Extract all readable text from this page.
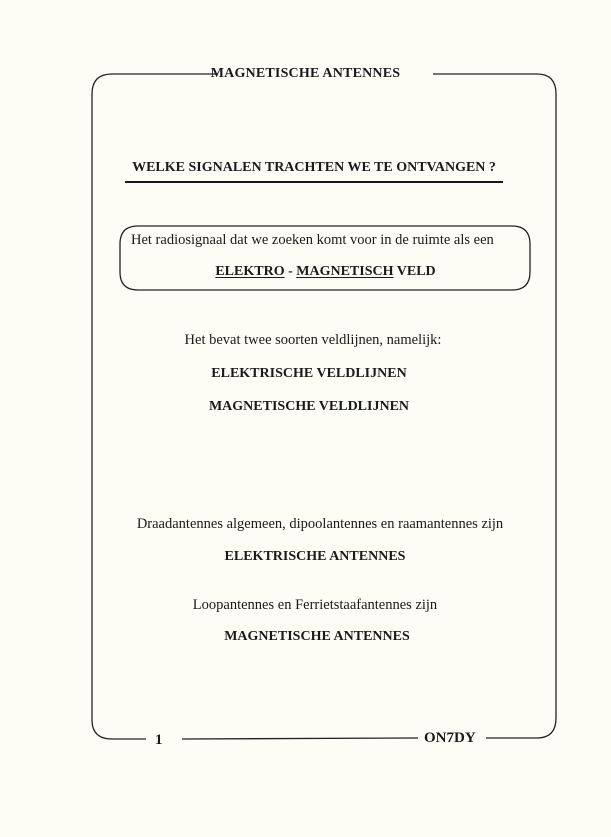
MAGNETISCHE ANTENNES
WELKE SIGNALEN TRACHTEN WE TE ONTVANGEN ?
Het radiosignaal dat we zoeken komt voor in de ruimte als een
ELEKTRO - MAGNETISCH VELD
Het bevat twee soorten veldlijnen, namelijk:
ELEKTRISCHE VELDLIJNEN
MAGNETISCHE VELDLIJNEN
Draadantennes algemeen, dipoolantennes en raamantennes zijn
ELEKTRISCHE ANTENNES
Loopantennes en Ferrietstaafantennes zijn
MAGNETISCHE ANTENNES
1	ON7DY
